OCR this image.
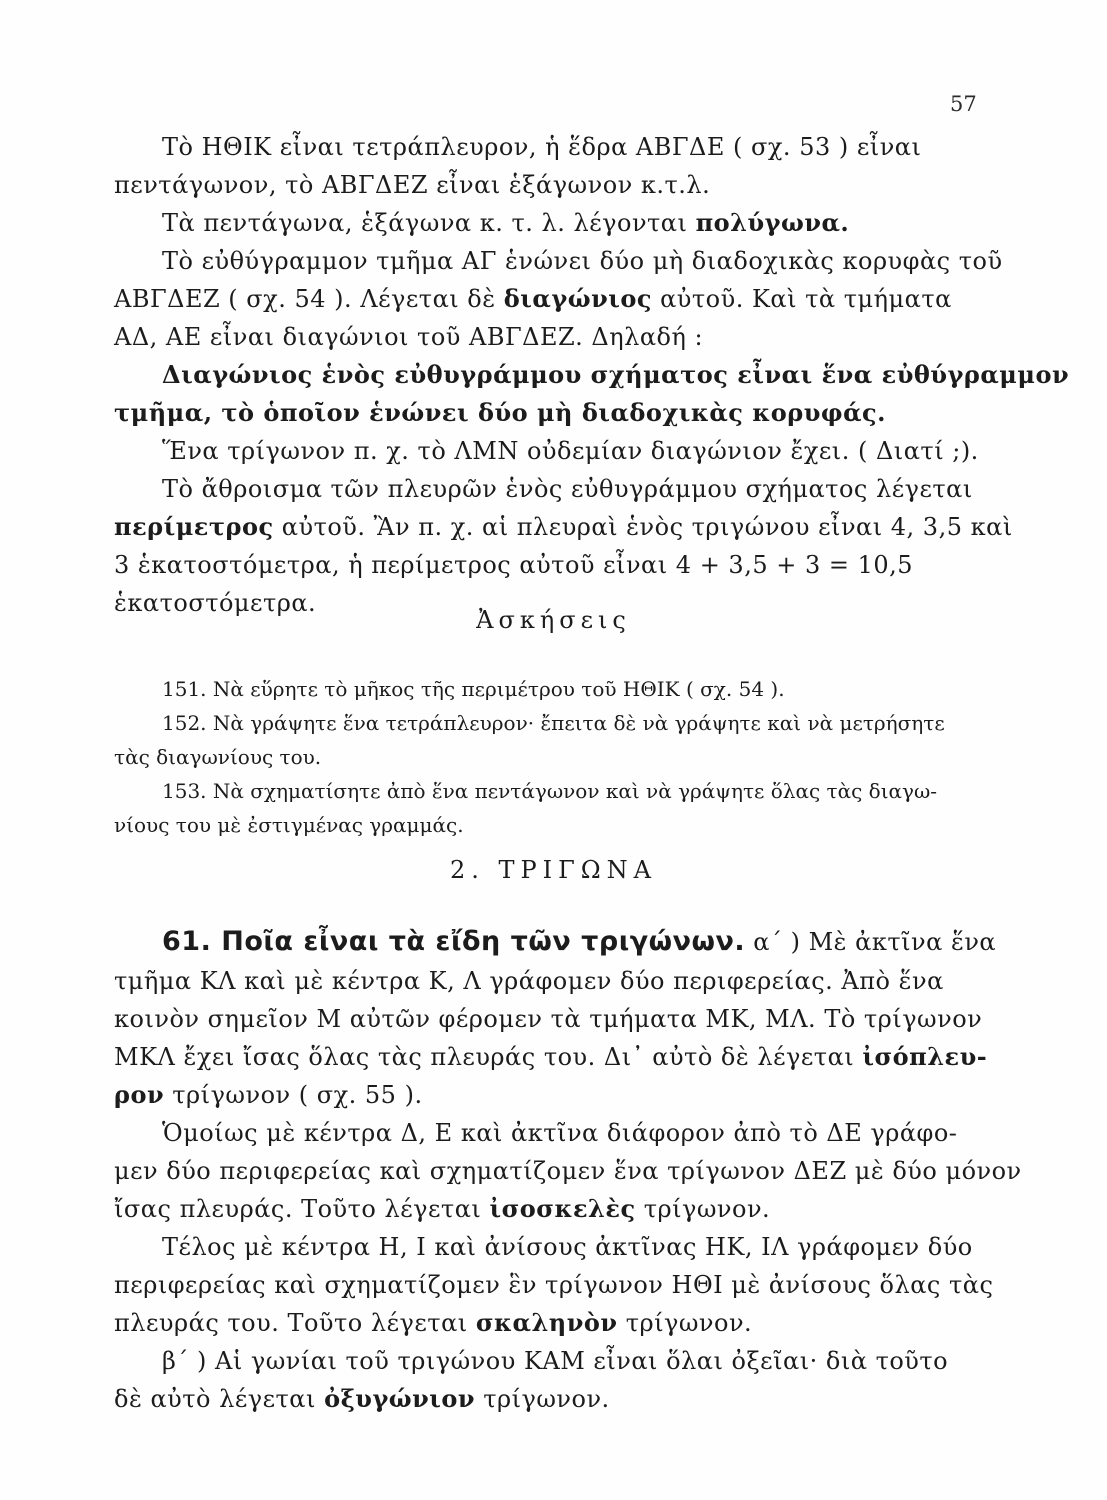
57
Τὸ ΗΘΙΚ εἶναι τετράπλευρον, ἡ ἕδρα ΑΒΓΔΕ ( σχ. 53 ) εἶναι
πεντάγωνον, τὸ ΑΒΓΔΕΖ εἶναι ἑξάγωνον κ.τ.λ.
Τὰ πεντάγωνα, ἑξάγωνα κ. τ. λ. λέγονται πολύγωνα.
Τὸ εὐθύγραμμον τμῆμα ΑΓ ἑνώνει δύο μὴ διαδοχικὰς κορυφὰς τοῦ
ΑΒΓΔΕΖ ( σχ. 54 ). Λέγεται δὲ διαγώνιος αὐτοῦ. Καὶ τὰ τμήματα
ΑΔ, ΑΕ εἶναι διαγώνιοι τοῦ ΑΒΓΔΕΖ. Δηλαδή :
Διαγώνιος ἑνὸς εὐθυγράμμου σχήματος εἶναι ἕνα εὐθύγραμμον
τμῆμα, τὸ ὁποῖον ἑνώνει δύο μὴ διαδοχικὰς κορυφάς.
Ἕνα τρίγωνον π. χ. τὸ ΛΜΝ οὐδεμίαν διαγώνιον ἔχει. ( Διατί ;).
Τὸ ἄθροισμα τῶν πλευρῶν ἑνὸς εὐθυγράμμου σχήματος λέγεται
περίμετρος αὐτοῦ. Ἂν π. χ. αἱ πλευραὶ ἑνὸς τριγώνου εἶναι 4, 3,5 καὶ
3 ἑκατοστόμετρα, ἡ περίμετρος αὐτοῦ εἶναι 4 + 3,5 + 3 = 10,5
ἑκατοστόμετρα.
Ἀσκήσεις
151. Νὰ εὕρητε τὸ μῆκος τῆς περιμέτρου τοῦ ΗΘΙΚ ( σχ. 54 ).
152. Νὰ γράψητε ἕνα τετράπλευρον· ἔπειτα δὲ νὰ γράψητε καὶ νὰ μετρήσητε
τὰς διαγωνίους του.
153. Νὰ σχηματίσητε ἀπὸ ἕνα πεντάγωνον καὶ νὰ γράψητε ὅλας τὰς διαγω-
νίους του μὲ ἐστιγμένας γραμμάς.
2. ΤΡΙΓΩΝΑ
61. Ποῖα εἶναι τὰ εἴδη τῶν τριγώνων. α΄ ) Μὲ ἀκτῖνα ἕνα
τμῆμα ΚΛ καὶ μὲ κέντρα Κ, Λ γράφομεν δύο περιφερείας. Ἀπὸ ἕνα
κοινὸν σημεῖον Μ αὐτῶν φέρομεν τὰ τμήματα ΜΚ, ΜΛ. Τὸ τρίγωνον
ΜΚΛ ἔχει ἴσας ὅλας τὰς πλευράς του. Δι᾿ αὐτὸ δὲ λέγεται ἰσόπλευ-
ρον τρίγωνον ( σχ. 55 ).
Ὁμοίως μὲ κέντρα Δ, Ε καὶ ἀκτῖνα διάφορον ἀπὸ τὸ ΔΕ γράφο-
μεν δύο περιφερείας καὶ σχηματίζομεν ἕνα τρίγωνον ΔΕΖ μὲ δύο μόνον
ἴσας πλευράς. Τοῦτο λέγεται ἰσοσκελὲς τρίγωνον.
Τέλος μὲ κέντρα Η, Ι καὶ ἀνίσους ἀκτῖνας ΗΚ, ΙΛ γράφομεν δύο
περιφερείας καὶ σχηματίζομεν ἓν τρίγωνον ΗΘΙ μὲ ἀνίσους ὅλας τὰς
πλευράς του. Τοῦτο λέγεται σκαληνὸν τρίγωνον.
β΄ ) Αἱ γωνίαι τοῦ τριγώνου ΚΑΜ εἶναι ὅλαι ὀξεῖαι· διὰ τοῦτο
δὲ αὐτὸ λέγεται ὀξυγώνιον τρίγωνον.
